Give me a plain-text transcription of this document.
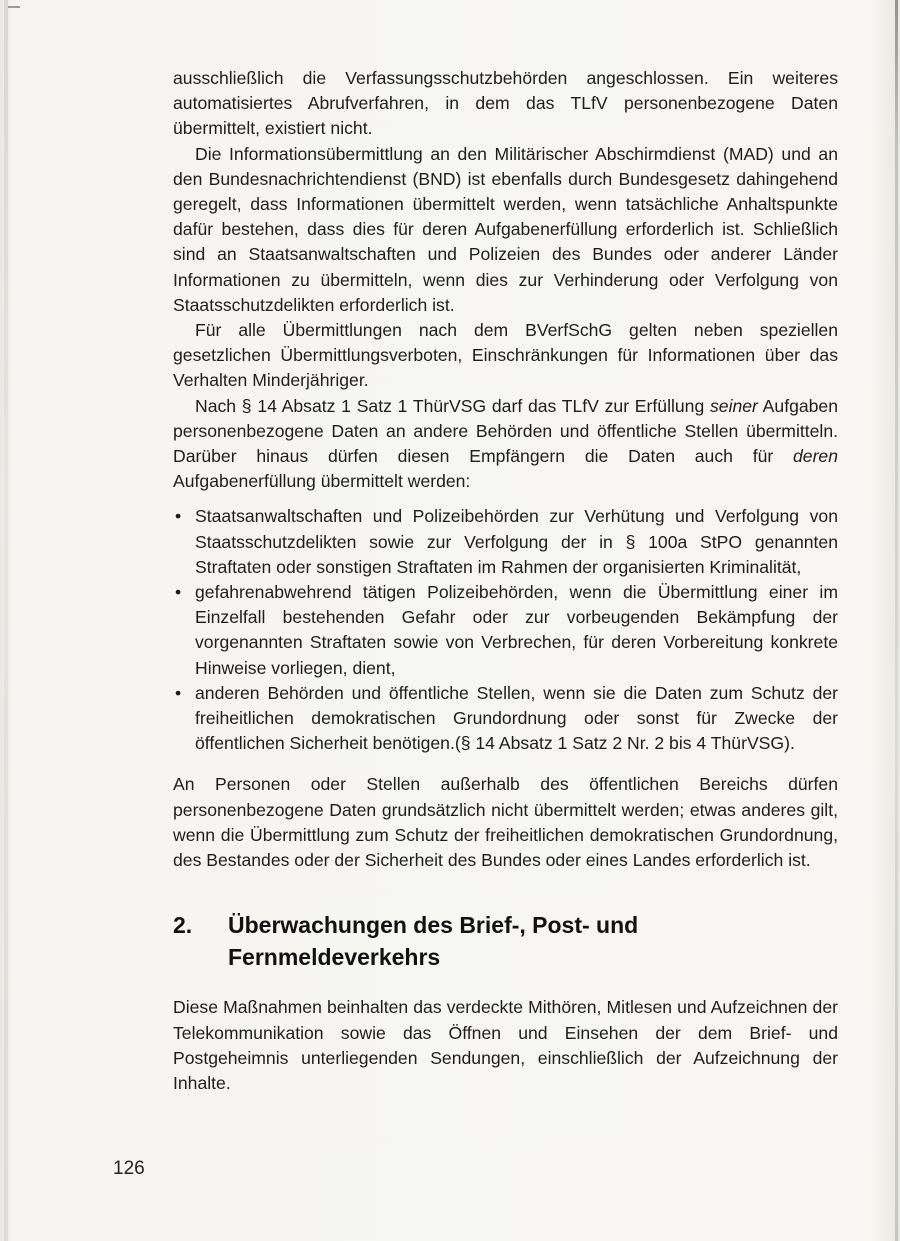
ausschließlich die Verfassungsschutzbehörden angeschlossen. Ein weiteres automatisiertes Abrufverfahren, in dem das TLfV personenbezogene Daten übermittelt, existiert nicht.

Die Informationsübermittlung an den Militärischer Abschirmdienst (MAD) und an den Bundesnachrichtendienst (BND) ist ebenfalls durch Bundesgesetz dahingehend geregelt, dass Informationen übermittelt werden, wenn tatsächliche Anhaltspunkte dafür bestehen, dass dies für deren Aufgabenerfüllung erforderlich ist. Schließlich sind an Staatsanwaltschaften und Polizeien des Bundes oder anderer Länder Informationen zu übermitteln, wenn dies zur Verhinderung oder Verfolgung von Staatsschutzdelikten erforderlich ist.

Für alle Übermittlungen nach dem BVerfSchG gelten neben speziellen gesetzlichen Übermittlungsverboten, Einschränkungen für Informationen über das Verhalten Minderjähriger.

Nach § 14 Absatz 1 Satz 1 ThürVSG darf das TLfV zur Erfüllung seiner Aufgaben personenbezogene Daten an andere Behörden und öffentliche Stellen übermitteln. Darüber hinaus dürfen diesen Empfängern die Daten auch für deren Aufgabenerfüllung übermittelt werden:

• Staatsanwaltschaften und Polizeibehörden zur Verhütung und Verfolgung von Staatsschutzdelikten sowie zur Verfolgung der in § 100a StPO genannten Straftaten oder sonstigen Straftaten im Rahmen der organisierten Kriminalität,
• gefahrenabwehrend tätigen Polizeibehörden, wenn die Übermittlung einer im Einzelfall bestehenden Gefahr oder zur vorbeugenden Bekämpfung der vorgenannten Straftaten sowie von Verbrechen, für deren Vorbereitung konkrete Hinweise vorliegen, dient,
• anderen Behörden und öffentliche Stellen, wenn sie die Daten zum Schutz der freiheitlichen demokratischen Grundordnung oder sonst für Zwecke der öffentlichen Sicherheit benötigen.(§ 14 Absatz 1 Satz 2 Nr. 2 bis 4 ThürVSG).

An Personen oder Stellen außerhalb des öffentlichen Bereichs dürfen personenbezogene Daten grundsätzlich nicht übermittelt werden; etwas anderes gilt, wenn die Übermittlung zum Schutz der freiheitlichen demokratischen Grundordnung, des Bestandes oder der Sicherheit des Bundes oder eines Landes erforderlich ist.

2.	Überwachungen des Brief-, Post- und Fernmeldeverkehrs

Diese Maßnahmen beinhalten das verdeckte Mithören, Mitlesen und Aufzeichnen der Telekommunikation sowie das Öffnen und Einsehen der dem Brief- und Postgeheimnis unterliegenden Sendungen, einschließlich der Aufzeichnung der Inhalte.

126
